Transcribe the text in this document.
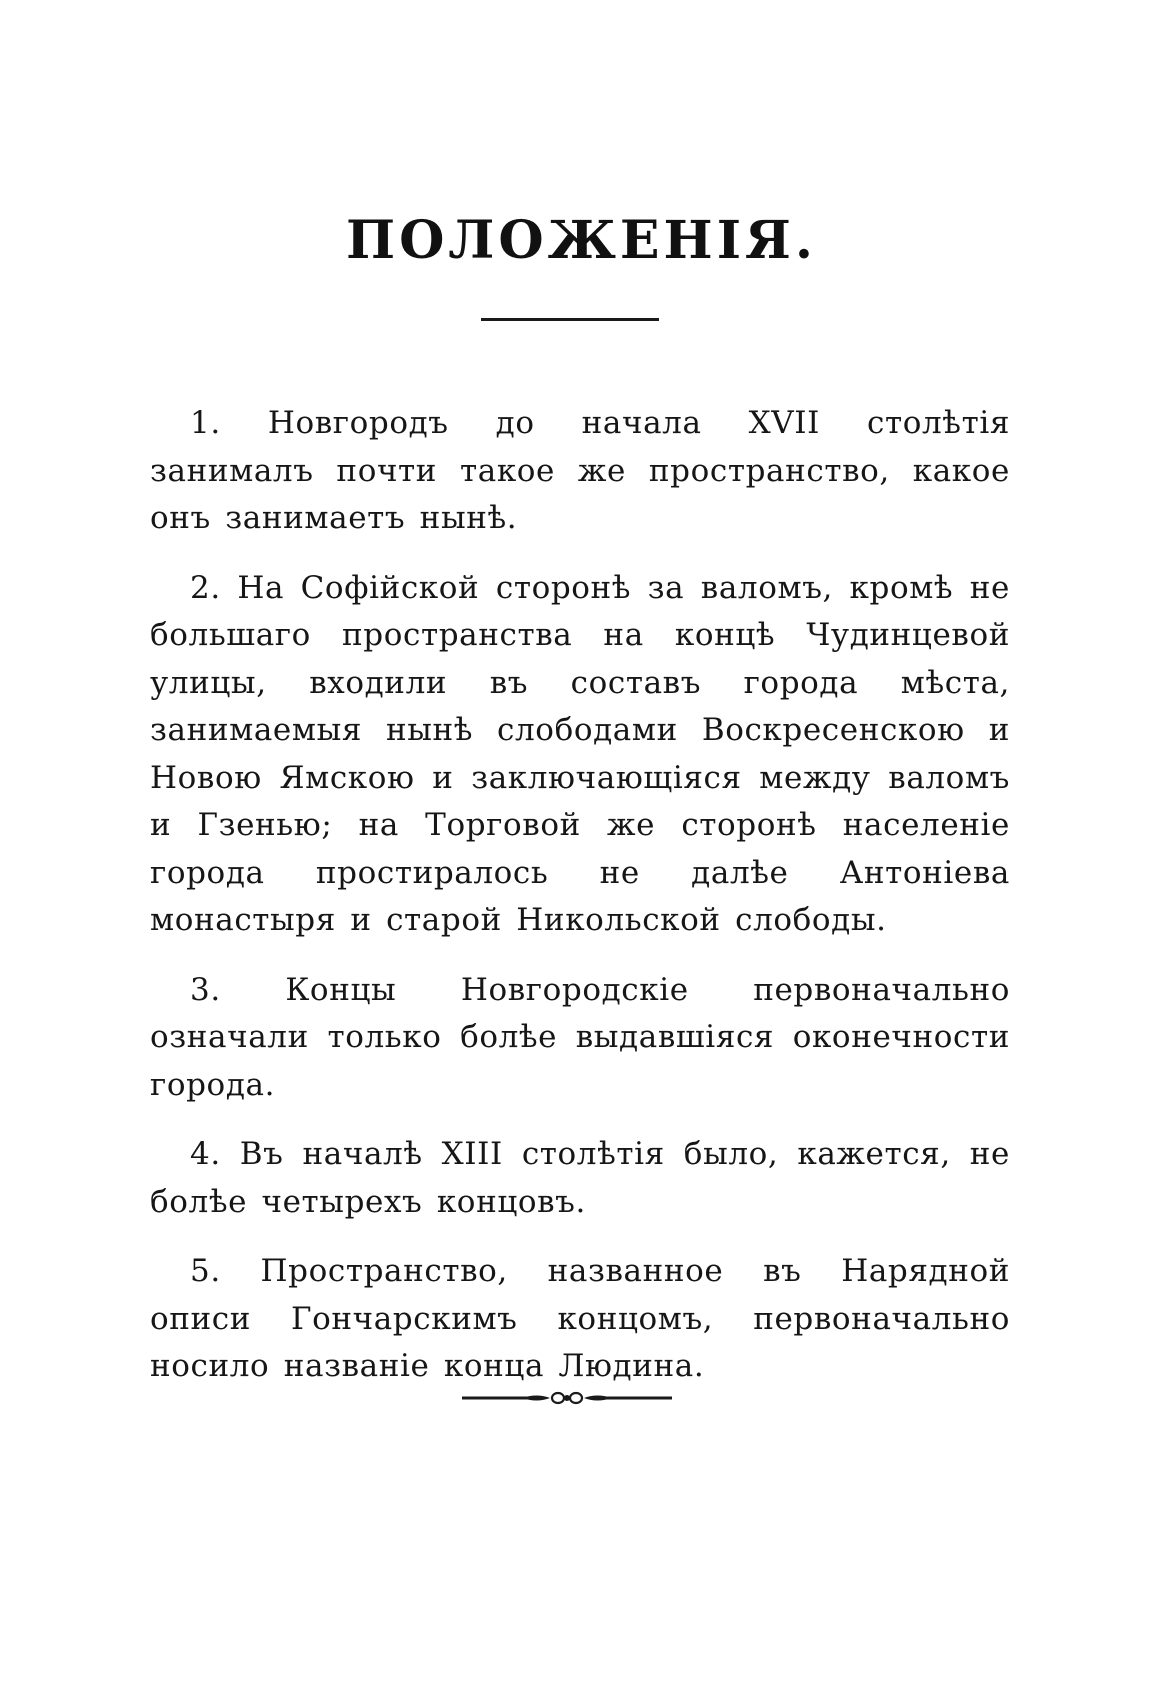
ПОЛОЖЕНІЯ.

1. Новгородъ до начала XVII столѣтія занималъ почти такое же пространство, какое онъ занимаетъ нынѣ.

2. На Софійской сторонѣ за валомъ, кромѣ не большаго пространства на концѣ Чудинцевой улицы, входили въ составъ города мѣста, занимаемыя нынѣ слободами Воскресенскою и Новою Ямскою и заключающіяся между валомъ и Гзенью; на Торговой же сторонѣ населеніе города простиралось не далѣе Антоніева монастыря и старой Никольской слободы.

3. Концы Новгородскіе первоначально означали только болѣе выдавшіяся оконечности города.

4. Въ началѣ XIII столѣтія было, кажется, не болѣе четырехъ концовъ.

5. Пространство, названное въ Нарядной описи Гончарскимъ концомъ, первоначально носило названіе конца Людина.
